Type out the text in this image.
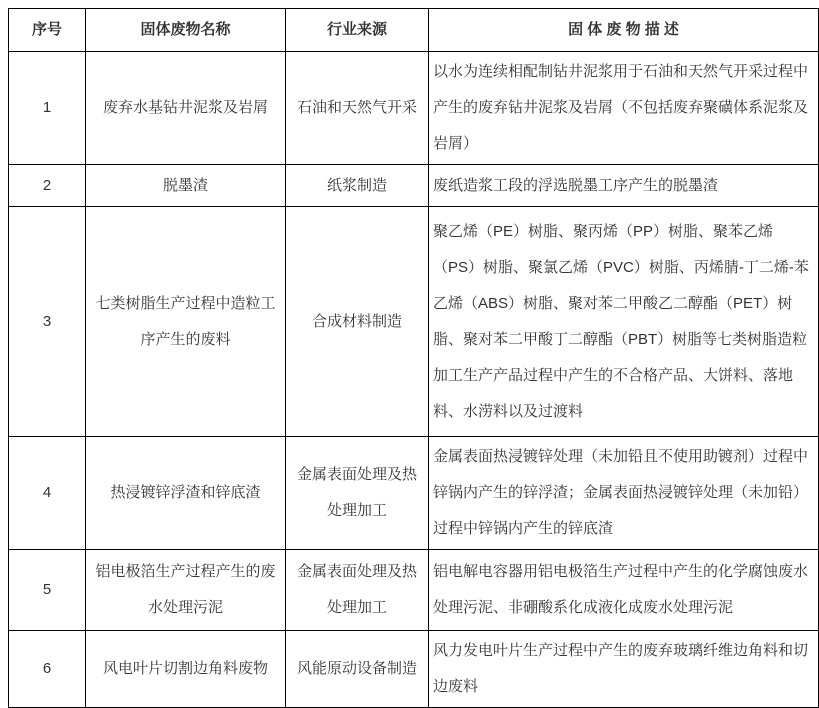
序号	固体废物名称	行业来源	固 体 废 物 描 述
1	废弃水基钻井泥浆及岩屑	石油和天然气开采	以水为连续相配制钻井泥浆用于石油和天然气开采过程中产生的废弃钻井泥浆及岩屑（不包括废弃聚磺体系泥浆及岩屑）
2	脱墨渣	纸浆制造	废纸造浆工段的浮选脱墨工序产生的脱墨渣
3	七类树脂生产过程中造粒工序产生的废料	合成材料制造	聚乙烯（PE）树脂、聚丙烯（PP）树脂、聚苯乙烯（PS）树脂、聚氯乙烯（PVC）树脂、丙烯腈-丁二烯-苯乙烯（ABS）树脂、聚对苯二甲酸乙二醇酯（PET）树脂、聚对苯二甲酸丁二醇酯（PBT）树脂等七类树脂造粒加工生产产品过程中产生的不合格产品、大饼料、落地料、水涝料以及过渡料
4	热浸镀锌浮渣和锌底渣	金属表面处理及热处理加工	金属表面热浸镀锌处理（未加铅且不使用助镀剂）过程中锌锅内产生的锌浮渣；金属表面热浸镀锌处理（未加铅）过程中锌锅内产生的锌底渣
5	铝电极箔生产过程产生的废水处理污泥	金属表面处理及热处理加工	铝电解电容器用铝电极箔生产过程中产生的化学腐蚀废水处理污泥、非硼酸系化成液化成废水处理污泥
6	风电叶片切割边角料废物	风能原动设备制造	风力发电叶片生产过程中产生的废弃玻璃纤维边角料和切边废料
